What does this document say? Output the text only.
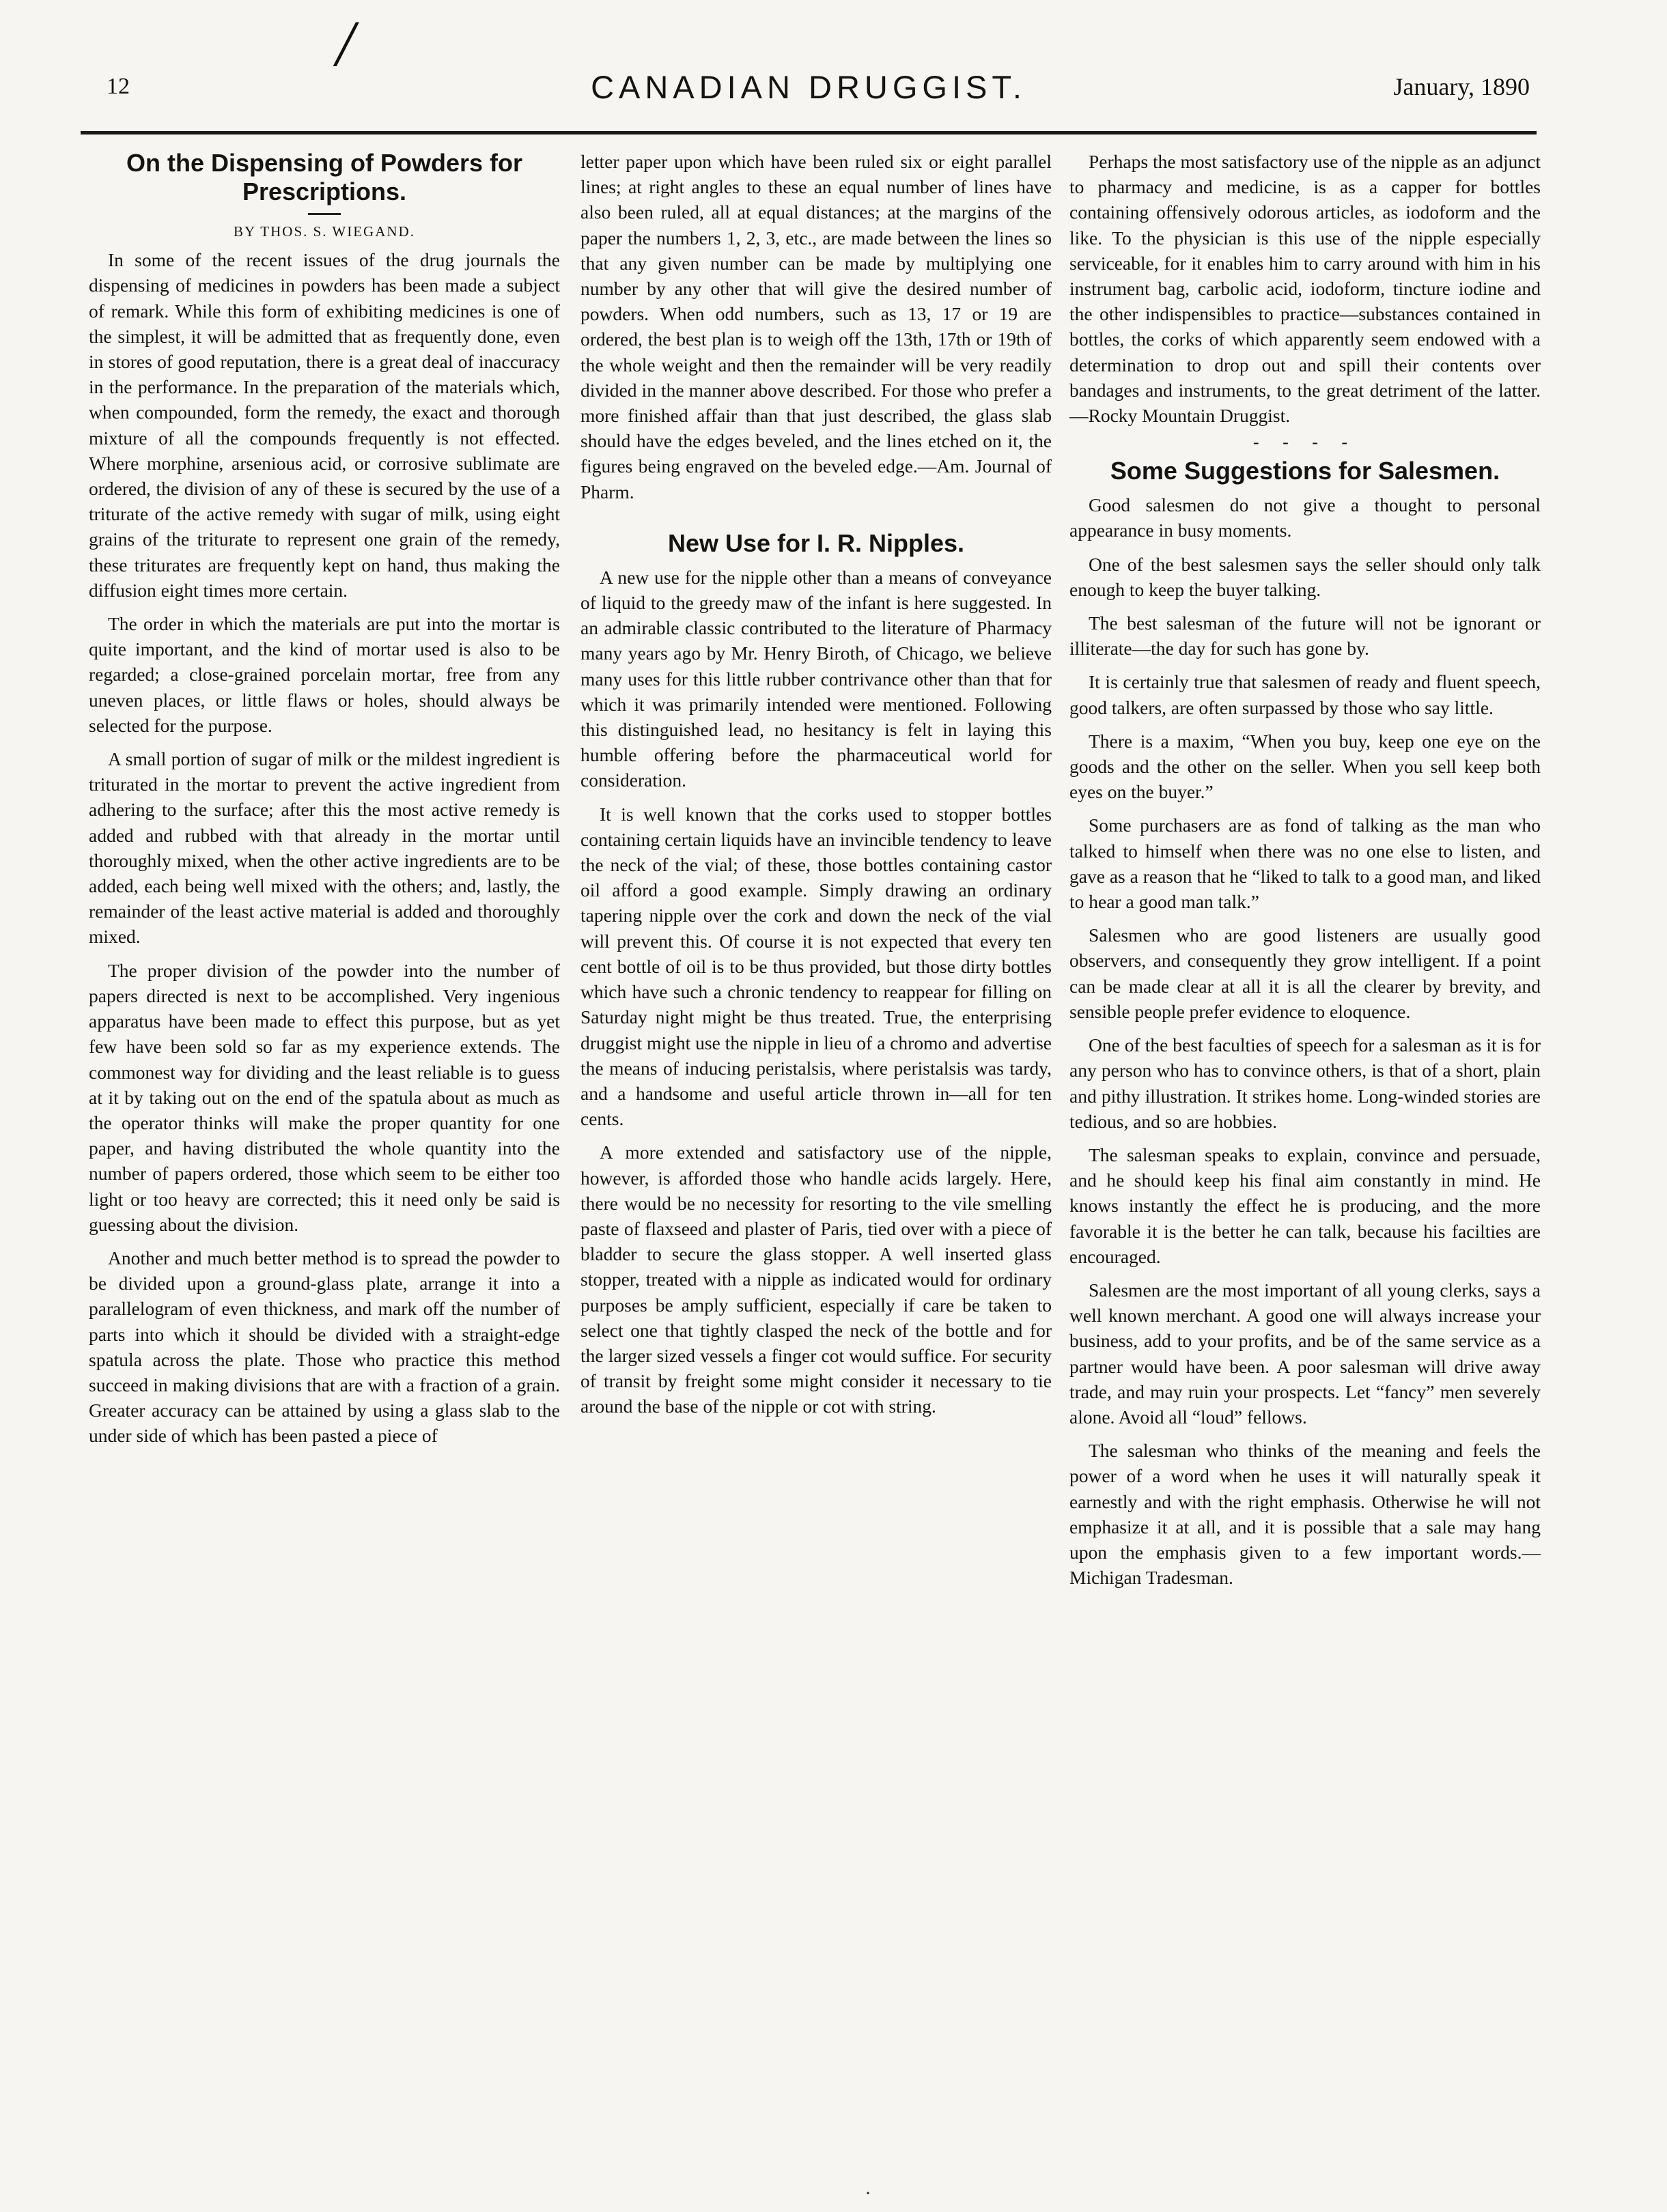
/
12	CANADIAN DRUGGIST.	January, 1890
On the Dispensing of Powders for Prescriptions.
BY THOS. S. WIEGAND.

In some of the recent issues of the drug journals the dispensing of medicines in powders has been made a subject of remark. While this form of exhibiting medicines is one of the simplest, it will be admitted that as frequently done, even in stores of good reputation, there is a great deal of inaccuracy in the performance. In the preparation of the materials which, when compounded, form the remedy, the exact and thorough mixture of all the compounds frequently is not effected. Where morphine, arsenious acid, or corrosive sublimate are ordered, the division of any of these is secured by the use of a triturate of the active remedy with sugar of milk, using eight grains of the triturate to represent one grain of the remedy, these triturates are frequently kept on hand, thus making the diffusion eight times more certain.

The order in which the materials are put into the mortar is quite important, and the kind of mortar used is also to be regarded; a close-grained porcelain mortar, free from any uneven places, or little flaws or holes, should always be selected for the purpose.

A small portion of sugar of milk or the mildest ingredient is triturated in the mortar to prevent the active ingredient from adhering to the surface; after this the most active remedy is added and rubbed with that already in the mortar until thoroughly mixed, when the other active ingredients are to be added, each being well mixed with the others; and, lastly, the remainder of the least active material is added and thoroughly mixed.

The proper division of the powder into the number of papers directed is next to be accomplished. Very ingenious apparatus have been made to effect this purpose, but as yet few have been sold so far as my experience extends. The commonest way for dividing and the least reliable is to guess at it by taking out on the end of the spatula about as much as the operator thinks will make the proper quantity for one paper, and having distributed the whole quantity into the number of papers ordered, those which seem to be either too light or too heavy are corrected; this it need only be said is guessing about the division.

Another and much better method is to spread the powder to be divided upon a ground-glass plate, arrange it into a parallelogram of even thickness, and mark off the number of parts into which it should be divided with a straight-edge spatula across the plate. Those who practice this method succeed in making divisions that are with a fraction of a grain. Greater accuracy can be attained by using a glass slab to the under side of which has been pasted a piece of

letter paper upon which have been ruled six or eight parallel lines; at right angles to these an equal number of lines have also been ruled, all at equal distances; at the margins of the paper the numbers 1, 2, 3, etc., are made between the lines so that any given number can be made by multiplying one number by any other that will give the desired number of powders. When odd numbers, such as 13, 17 or 19 are ordered, the best plan is to weigh off the 13th, 17th or 19th of the whole weight and then the remainder will be very readily divided in the manner above described. For those who prefer a more finished affair than that just described, the glass slab should have the edges beveled, and the lines etched on it, the figures being engraved on the beveled edge.—Am. Journal of Pharm.

New Use for I. R. Nipples.

A new use for the nipple other than a means of conveyance of liquid to the greedy maw of the infant is here suggested. In an admirable classic contributed to the literature of Pharmacy many years ago by Mr. Henry Biroth, of Chicago, we believe many uses for this little rubber contrivance other than that for which it was primarily intended were mentioned. Following this distinguished lead, no hesitancy is felt in laying this humble offering before the pharmaceutical world for consideration.

It is well known that the corks used to stopper bottles containing certain liquids have an invincible tendency to leave the neck of the vial; of these, those bottles containing castor oil afford a good example. Simply drawing an ordinary tapering nipple over the cork and down the neck of the vial will prevent this. Of course it is not expected that every ten cent bottle of oil is to be thus provided, but those dirty bottles which have such a chronic tendency to reappear for filling on Saturday night might be thus treated. True, the enterprising druggist might use the nipple in lieu of a chromo and advertise the means of inducing peristalsis, where peristalsis was tardy, and a handsome and useful article thrown in—all for ten cents.

A more extended and satisfactory use of the nipple, however, is afforded those who handle acids largely. Here, there would be no necessity for resorting to the vile smelling paste of flaxseed and plaster of Paris, tied over with a piece of bladder to secure the glass stopper. A well inserted glass stopper, treated with a nipple as indicated would for ordinary purposes be amply sufficient, especially if care be taken to select one that tightly clasped the neck of the bottle and for the larger sized vessels a finger cot would suffice. For security of transit by freight some might consider it necessary to tie around the base of the nipple or cot with string.

Perhaps the most satisfactory use of the nipple as an adjunct to pharmacy and medicine, is as a capper for bottles containing offensively odorous articles, as iodoform and the like. To the physician is this use of the nipple especially serviceable, for it enables him to carry around with him in his instrument bag, carbolic acid, iodoform, tincture iodine and the other indispensibles to practice—substances contained in bottles, the corks of which apparently seem endowed with a determination to drop out and spill their contents over bandages and instruments, to the great detriment of the latter.—Rocky Mountain Druggist.

- - - -
Some Suggestions for Salesmen.

Good salesmen do not give a thought to personal appearance in busy moments.

One of the best salesmen says the seller should only talk enough to keep the buyer talking.

The best salesman of the future will not be ignorant or illiterate—the day for such has gone by.

It is certainly true that salesmen of ready and fluent speech, good talkers, are often surpassed by those who say little.

There is a maxim, “When you buy, keep one eye on the goods and the other on the seller. When you sell keep both eyes on the buyer.”

Some purchasers are as fond of talking as the man who talked to himself when there was no one else to listen, and gave as a reason that he “liked to talk to a good man, and liked to hear a good man talk.”

Salesmen who are good listeners are usually good observers, and consequently they grow intelligent. If a point can be made clear at all it is all the clearer by brevity, and sensible people prefer evidence to eloquence.

One of the best faculties of speech for a salesman as it is for any person who has to convince others, is that of a short, plain and pithy illustration. It strikes home. Long-winded stories are tedious, and so are hobbies.

The salesman speaks to explain, convince and persuade, and he should keep his final aim constantly in mind. He knows instantly the effect he is producing, and the more favorable it is the better he can talk, because his facilties are encouraged.

Salesmen are the most important of all young clerks, says a well known merchant. A good one will always increase your business, add to your profits, and be of the same service as a partner would have been. A poor salesman will drive away trade, and may ruin your prospects. Let “fancy” men severely alone. Avoid all “loud” fellows.

The salesman who thinks of the meaning and feels the power of a word when he uses it will naturally speak it earnestly and with the right emphasis. Otherwise he will not emphasize it at all, and it is possible that a sale may hang upon the emphasis given to a few important words.—Michigan Tradesman.

·
